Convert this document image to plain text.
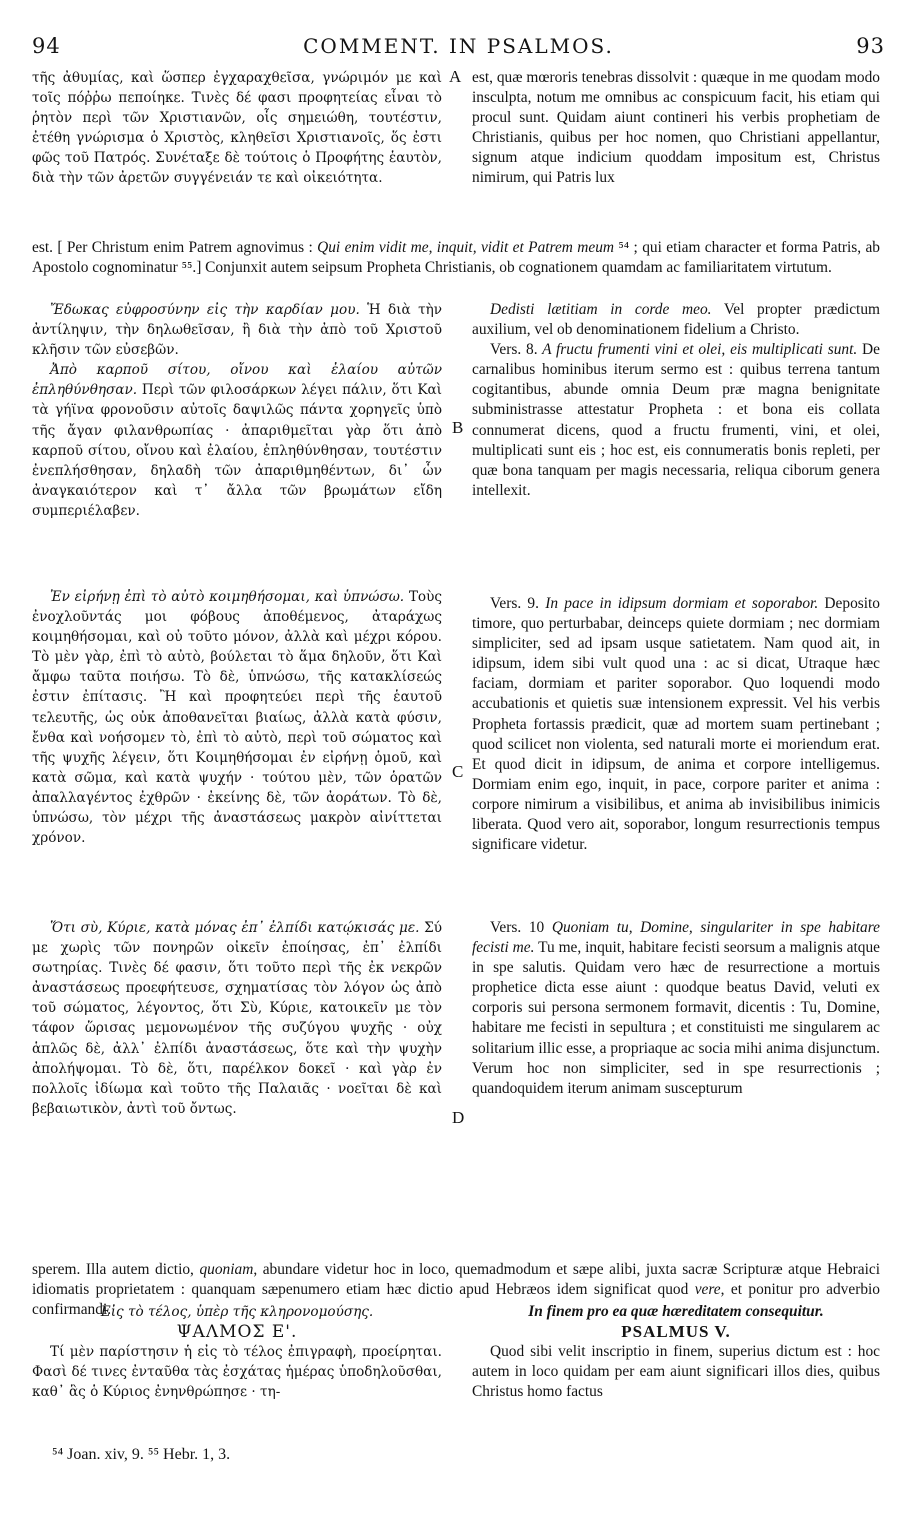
94	COMMENT. IN PSALMOS.	93

τῆς ἀθυμίας, καὶ ὥσπερ ἐγχαραχθεῖσα, γνώριμόν με καὶ τοῖς πόῤῥω πεποίηκε. Τινὲς δέ φασι προφητείας εἶναι τὸ ῥητὸν περὶ τῶν Χριστιανῶν, οἷς σημειώθη, τουτέστιν, ἐτέθη γνώρισμα ὁ Χριστὸς, κληθεῖσι Χριστιανοῖς, ὅς ἐστι φῶς τοῦ Πατρός. Συνέταξε δὲ τούτοις ὁ Προφήτης ἑαυτὸν, διὰ τὴν τῶν ἀρετῶν συγγένειάν τε καὶ οἰκειότητα.

A est, quæ mœroris tenebras dissolvit : quæque in me quodam modo insculpta, notum me omnibus ac conspicuum facit, his etiam qui procul sunt. Quidam aiunt contineri his verbis prophetiam de Christianis, quibus per hoc nomen, quo Christiani appellantur, signum atque indicium quoddam impositum est, Christus nimirum, qui Patris lux

est. [ Per Christum enim Patrem agnovimus : Qui enim vidit me, inquit, vidit et Patrem meum ⁵⁴ ; qui etiam character et forma Patris, ab Apostolo cognominatur ⁵⁵.] Conjunxit autem seipsum Propheta Christianis, ob cognationem quamdam ac familiaritatem virtutum.

Ἔδωκας εὐφροσύνην εἰς τὴν καρδίαν μου. Ἡ διὰ τὴν ἀντίληψιν, τὴν δηλωθεῖσαν, ἢ διὰ τὴν ἀπὸ τοῦ Χριστοῦ κλῆσιν τῶν εὐσεβῶν.

Ἀπὸ καρποῦ σίτου, οἴνου καὶ ἐλαίου αὐτῶν ἐπληθύνθησαν. Περὶ τῶν φιλοσάρκων λέγει πάλιν, ὅτι Καὶ τὰ γήϊνα φρονοῦσιν αὐτοῖς δαψιλῶς πάντα χορηγεῖς ὑπὸ τῆς ἄγαν φιλανθρωπίας · ἀπαριθμεῖται γὰρ ὅτι ἀπὸ καρποῦ σίτου, οἴνου καὶ ἐλαίου, ἐπληθύνθησαν, τουτέστιν ἐνεπλήσθησαν, δηλαδὴ τῶν ἀπαριθμηθέντων, δι᾽ ὧν ἀναγκαιότερον καὶ τ᾽ ἄλλα τῶν βρωμάτων εἴδη συμπεριέλαβεν.

B

Dedisti lætitiam in corde meo. Vel propter prædictum auxilium, vel ob denominationem fidelium a Christo.

Vers. 8. A fructu frumenti vini et olei, eis multiplicati sunt. De carnalibus hominibus iterum sermo est : quibus terrena tantum cogitantibus, abunde omnia Deum præ magna benignitate subministrasse attestatur Propheta : et bona eis collata connumerat dicens, quod a fructu frumenti, vini, et olei, multiplicati sunt eis ; hoc est, eis connumeratis bonis repleti, per quæ bona tanquam per magis necessaria, reliqua ciborum genera intellexit.

Ἐν εἰρήνῃ ἐπὶ τὸ αὐτὸ κοιμηθήσομαι, καὶ ὑπνώσω. Τοὺς ἐνοχλοῦντάς μοι φόβους ἀποθέμενος, ἀταράχως κοιμηθήσομαι, καὶ οὐ τοῦτο μόνον, ἀλλὰ καὶ μέχρι κόρου. Τὸ μὲν γὰρ, ἐπὶ τὸ αὐτὸ, βούλεται τὸ ἅμα δηλοῦν, ὅτι Καὶ ἄμφω ταῦτα ποιήσω. Τὸ δὲ, ὑπνώσω, τῆς κατακλίσεώς ἐστιν ἐπίτασις. Ἢ καὶ προφητεύει περὶ τῆς ἑαυτοῦ τελευτῆς, ὡς οὐκ ἀποθανεῖται βιαίως, ἀλλὰ κατὰ φύσιν, ἔνθα καὶ νοήσομεν τὸ, ἐπὶ τὸ αὐτὸ, περὶ τοῦ σώματος καὶ τῆς ψυχῆς λέγειν, ὅτι Κοιμηθήσομαι ἐν εἰρήνῃ ὁμοῦ, καὶ κατὰ σῶμα, καὶ κατὰ ψυχήν · τούτου μὲν, τῶν ὁρατῶν ἀπαλλαγέντος ἐχθρῶν · ἐκείνης δὲ, τῶν ἀοράτων. Τὸ δὲ, ὑπνώσω, τὸν μέχρι τῆς ἀναστάσεως μακρὸν αἰνίττεται χρόνον.

C

Vers. 9. In pace in idipsum dormiam et soporabor. Deposito timore, quo perturbabar, deinceps quiete dormiam ; nec dormiam simpliciter, sed ad ipsam usque satietatem. Nam quod ait, in idipsum, idem sibi vult quod una : ac si dicat, Utraque hæc faciam, dormiam et pariter soporabor. Quo loquendi modo accubationis et quietis suæ intensionem expressit. Vel his verbis Propheta fortassis prædicit, quæ ad mortem suam pertinebant ; quod scilicet non violenta, sed naturali morte ei moriendum erat. Et quod dicit in idipsum, de anima et corpore intelligemus. Dormiam enim ego, inquit, in pace, corpore pariter et anima : corpore nimirum a visibilibus, et anima ab invisibilibus inimicis liberata. Quod vero ait, soporabor, longum resurrectionis tempus significare videtur.

Ὅτι σὺ, Κύριε, κατὰ μόνας ἐπ᾽ ἐλπίδι κατῴκισάς με. Σύ με χωρὶς τῶν πονηρῶν οἰκεῖν ἐποίησας, ἐπ᾽ ἐλπίδι σωτηρίας. Τινὲς δέ φασιν, ὅτι τοῦτο περὶ τῆς ἐκ νεκρῶν ἀναστάσεως προεφήτευσε, σχηματίσας τὸν λόγον ὡς ἀπὸ τοῦ σώματος, λέγοντος, ὅτι Σὺ, Κύριε, κατοικεῖν με τὸν τάφον ὥρισας μεμονωμένον τῆς συζύγου ψυχῆς · οὐχ ἁπλῶς δὲ, ἀλλ᾽ ἐλπίδι ἀναστάσεως, ὅτε καὶ τὴν ψυχὴν ἀπολήψομαι. Τὸ δὲ, ὅτι, παρέλκον δοκεῖ · καὶ γὰρ ἐν πολλοῖς ἰδίωμα καὶ τοῦτο τῆς Παλαιᾶς · νοεῖται δὲ καὶ βεβαιωτικὸν, ἀντὶ τοῦ ὄντως.	D

Vers. 10 Quoniam tu, Domine, singulariter in spe habitare fecisti me. Tu me, inquit, habitare fecisti seorsum a malignis atque in spe salutis. Quidam vero hæc de resurrectione a mortuis prophetice dicta esse aiunt : quodque beatus David, veluti ex corporis sui persona sermonem formavit, dicentis : Tu, Domine, habitare me fecisti in sepultura ; et constituisti me singularem ac solitarium illic esse, a propriaque ac socia mihi anima disjunctum. Verum hoc non simpliciter, sed in spe resurrectionis ; quandoquidem iterum animam suscepturum

sperem. Illa autem dictio, quoniam, abundare videtur hoc in loco, quemadmodum et sæpe alibi, juxta sacræ Scripturæ atque Hebraici idiomatis proprietatem : quanquam sæpenumero etiam hæc dictio apud Hebræos idem significat quod vere, et ponitur pro adverbio confirmandi.

Εἰς τὸ τέλος, ὑπὲρ τῆς κληρονομούσης.

ΨΑΛΜΟΣ Ε'.

Τί μὲν παρίστησιν ἡ εἰς τὸ τέλος ἐπιγραφὴ, προείρηται. Φασὶ δέ τινες ἐνταῦθα τὰς ἐσχάτας ἡμέρας ὑποδηλοῦσθαι, καθ᾽ ἃς ὁ Κύριος ἐνηνθρώπησε · τη-

In finem pro ea quæ hæreditatem consequitur.

PSALMUS V.

Quod sibi velit inscriptio in finem, superius dictum est : hoc autem in loco quidam per eam aiunt significari illos dies, quibus Christus homo factus

⁵⁴ Joan. xiv, 9. ⁵⁵ Hebr. 1, 3.
